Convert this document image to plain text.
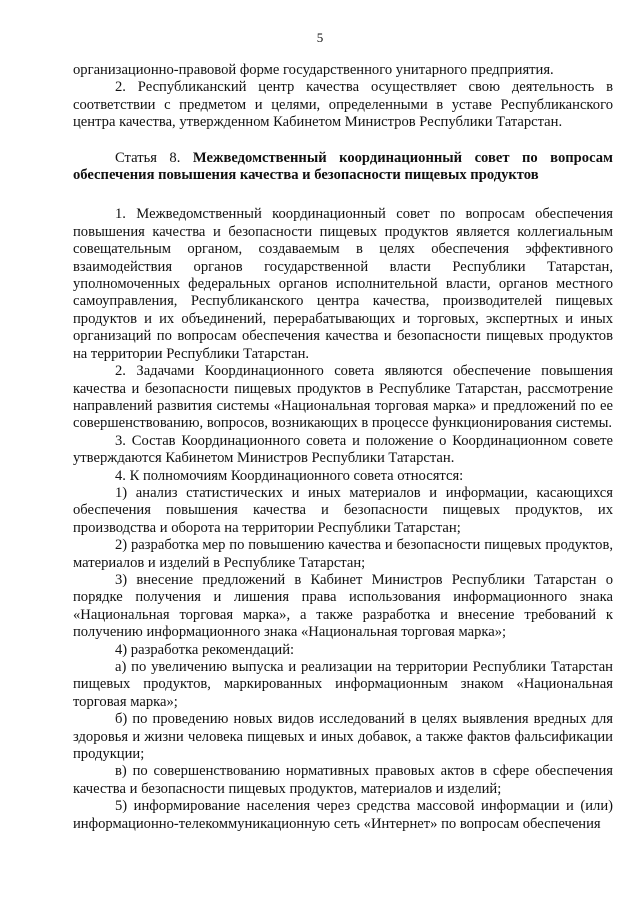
5

организационно-правовой форме государственного унитарного предприятия.

2. Республиканский центр качества осуществляет свою деятельность в соответствии с предметом и целями, определенными в уставе Республиканского центра качества, утвержденном Кабинетом Министров Республики Татарстан.

Статья 8. Межведомственный координационный совет по вопросам обеспечения повышения качества и безопасности пищевых продуктов

1. Межведомственный координационный совет по вопросам обеспечения повышения качества и безопасности пищевых продуктов является коллегиальным совещательным органом, создаваемым в целях обеспечения эффективного взаимодействия органов государственной власти Республики Татарстан, уполномоченных федеральных органов исполнительной власти, органов местного самоуправления, Республиканского центра качества, производителей пищевых продуктов и их объединений, перерабатывающих и торговых, экспертных и иных организаций по вопросам обеспечения качества и безопасности пищевых продуктов на территории Республики Татарстан.

2. Задачами Координационного совета являются обеспечение повышения качества и безопасности пищевых продуктов в Республике Татарстан, рассмотрение направлений развития системы «Национальная торговая марка» и предложений по ее совершенствованию, вопросов, возникающих в процессе функционирования системы.

3. Состав Координационного совета и положение о Координационном совете утверждаются Кабинетом Министров Республики Татарстан.

4. К полномочиям Координационного совета относятся:

1) анализ статистических и иных материалов и информации, касающихся обеспечения повышения качества и безопасности пищевых продуктов, их производства и оборота на территории Республики Татарстан;

2) разработка мер по повышению качества и безопасности пищевых продуктов, материалов и изделий в Республике Татарстан;

3) внесение предложений в Кабинет Министров Республики Татарстан о порядке получения и лишения права использования информационного знака «Национальная торговая марка», а также разработка и внесение требований к получению информационного знака «Национальная торговая марка»;

4) разработка рекомендаций:

а) по увеличению выпуска и реализации на территории Республики Татарстан пищевых продуктов, маркированных информационным знаком «Национальная торговая марка»;

б) по проведению новых видов исследований в целях выявления вредных для здоровья и жизни человека пищевых и иных добавок, а также фактов фальсификации продукции;

в) по совершенствованию нормативных правовых актов в сфере обеспечения качества и безопасности пищевых продуктов, материалов и изделий;

5) информирование населения через средства массовой информации и (или) информационно-телекоммуникационную сеть «Интернет» по вопросам обеспечения
